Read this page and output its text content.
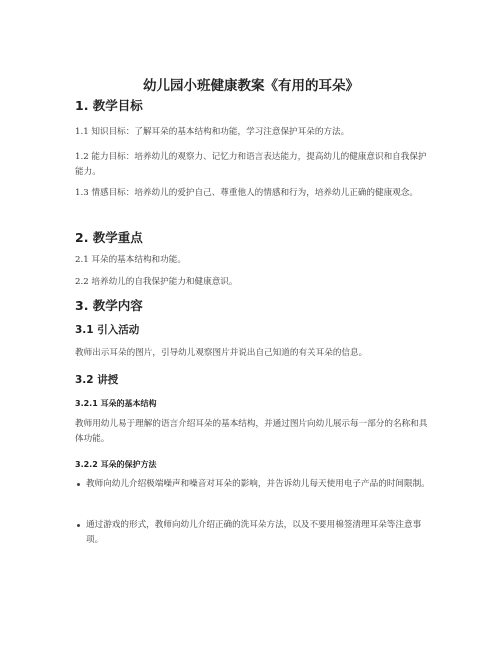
幼儿园小班健康教案《有用的耳朵》
1. 教学目标
1.1 知识目标：了解耳朵的基本结构和功能，学习注意保护耳朵的方法。
1.2 能力目标：培养幼儿的观察力、记忆力和语言表达能力，提高幼儿的健康意识和自我保护能力。
1.3 情感目标：培养幼儿的爱护自己、尊重他人的情感和行为，培养幼儿正确的健康观念。
2. 教学重点
2.1 耳朵的基本结构和功能。
2.2 培养幼儿的自我保护能力和健康意识。
3. 教学内容
3.1 引入活动
教师出示耳朵的图片，引导幼儿观察图片并说出自己知道的有关耳朵的信息。
3.2 讲授
3.2.1 耳朵的基本结构
教师用幼儿易于理解的语言介绍耳朵的基本结构，并通过图片向幼儿展示每一部分的名称和具体功能。
3.2.2 耳朵的保护方法
教师向幼儿介绍极端噪声和噪音对耳朵的影响，并告诉幼儿每天使用电子产品的时间限制。
通过游戏的形式，教师向幼儿介绍正确的洗耳朵方法，以及不要用棉签清理耳朵等注意事项。
